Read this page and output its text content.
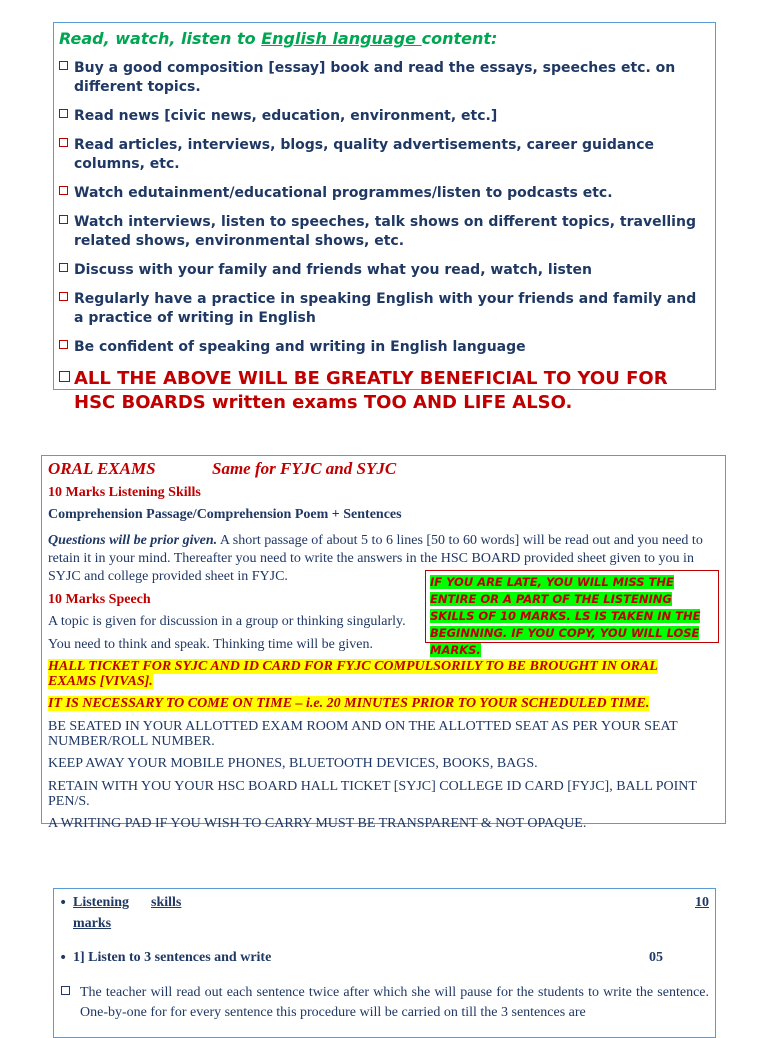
Read, watch, listen to English language content:

Buy a good composition [essay] book and read the essays, speeches etc. on different topics.
Read news [civic news, education, environment, etc.]
Read articles, interviews, blogs, quality advertisements, career guidance columns, etc.
Watch edutainment/educational programmes/listen to podcasts etc.
Watch interviews, listen to speeches, talk shows on different topics, travelling related shows, environmental shows, etc.
Discuss with your family and friends what you read, watch, listen
Regularly have a practice in speaking English with your friends and family and a practice of writing in English
Be confident of speaking and writing in English language
ALL THE ABOVE WILL BE GREATLY BENEFICIAL TO YOU FOR HSC BOARDS written exams TOO AND LIFE ALSO.
ORAL EXAMS	Same for FYJC and SYJC
10 Marks Listening Skills
Comprehension Passage/Comprehension Poem + Sentences
Questions will be prior given. A short passage of about 5 to 6 lines [50 to 60 words] will be read out and you need to retain it in your mind. Thereafter you need to write the answers in the HSC BOARD provided sheet given to you in SYJC and college provided sheet in FYJC.
10 Marks Speech
A topic is given for discussion in a group or thinking singularly.
You need to think and speak. Thinking time will be given.
HALL TICKET FOR SYJC AND ID CARD FOR FYJC COMPULSORILY TO BE BROUGHT IN ORAL EXAMS [VIVAS].
IT IS NECESSARY TO COME ON TIME – i.e. 20 MINUTES PRIOR TO YOUR SCHEDULED TIME.
BE SEATED IN YOUR ALLOTTED EXAM ROOM AND ON THE ALLOTTED SEAT AS PER YOUR SEAT NUMBER/ROLL NUMBER.
KEEP AWAY YOUR MOBILE PHONES, BLUETOOTH DEVICES, BOOKS, BAGS.
RETAIN WITH YOU YOUR HSC BOARD HALL TICKET [SYJC] COLLEGE ID CARD [FYJC], BALL POINT PEN/S.
A WRITING PAD IF YOU WISH TO CARRY MUST BE TRANSPARENT & NOT OPAQUE.
IF YOU ARE LATE, YOU WILL MISS THE ENTIRE OR A PART OF THE LISTENING SKILLS OF 10 MARKS. LS IS TAKEN IN THE BEGINNING. IF YOU COPY, YOU WILL LOSE MARKS.
• Listening skills
marks
10
• 1] Listen to 3 sentences and write	05
The teacher will read out each sentence twice after which she will pause for the students to write the sentence. One-by-one for for every sentence this procedure will be carried on till the 3 sentences are
